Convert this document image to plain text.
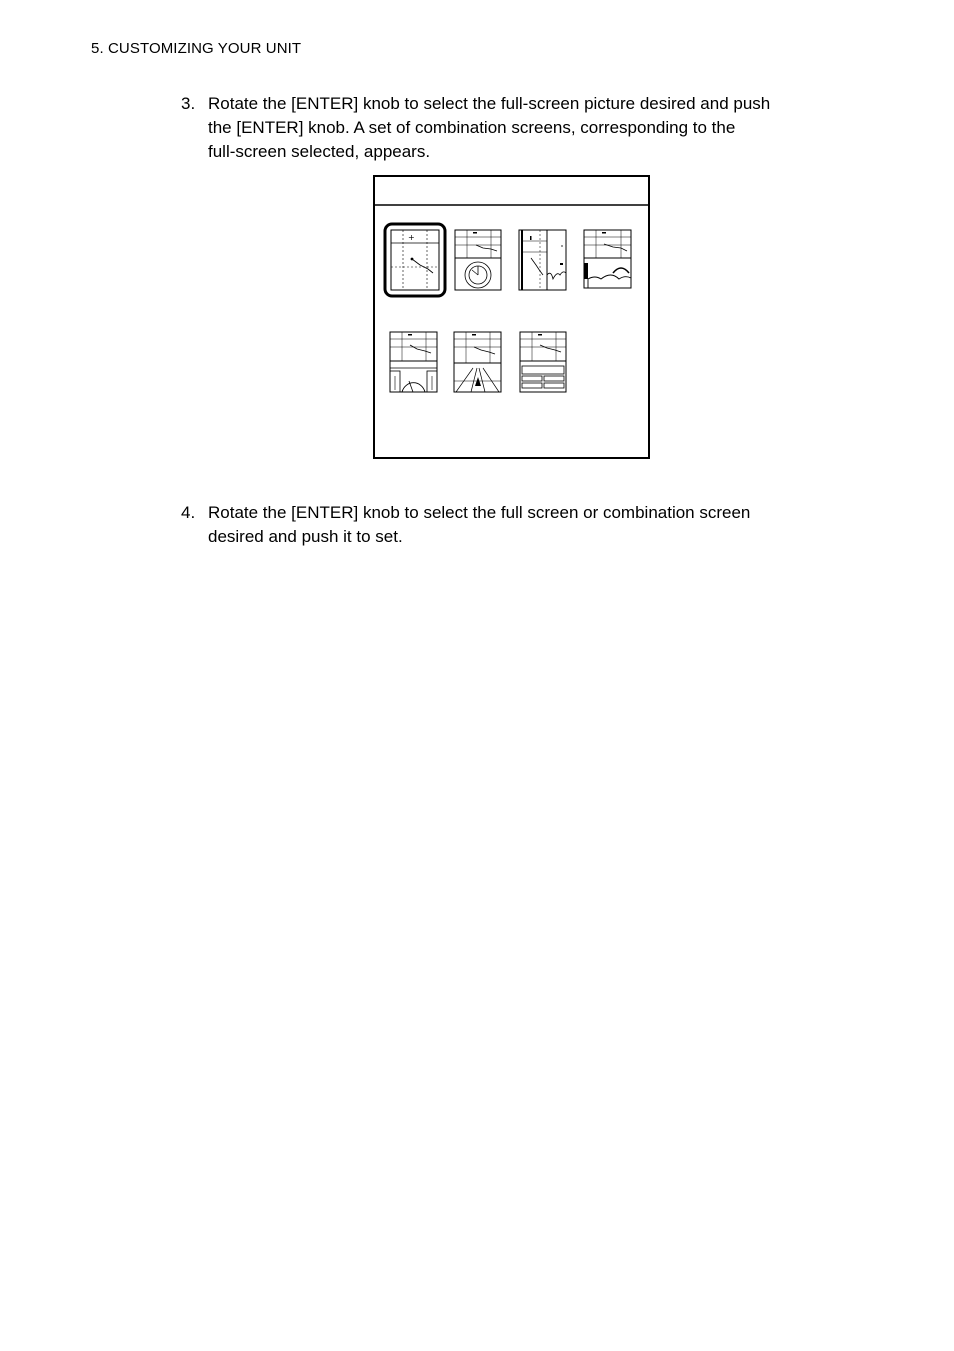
5. CUSTOMIZING YOUR UNIT
3. Rotate the [ENTER] knob to select the full-screen picture desired and push
the [ENTER] knob. A set of combination screens, corresponding to the
full-screen selected, appears.
+
4. Rotate the [ENTER] knob to select the full screen or combination screen
desired and push it to set.
